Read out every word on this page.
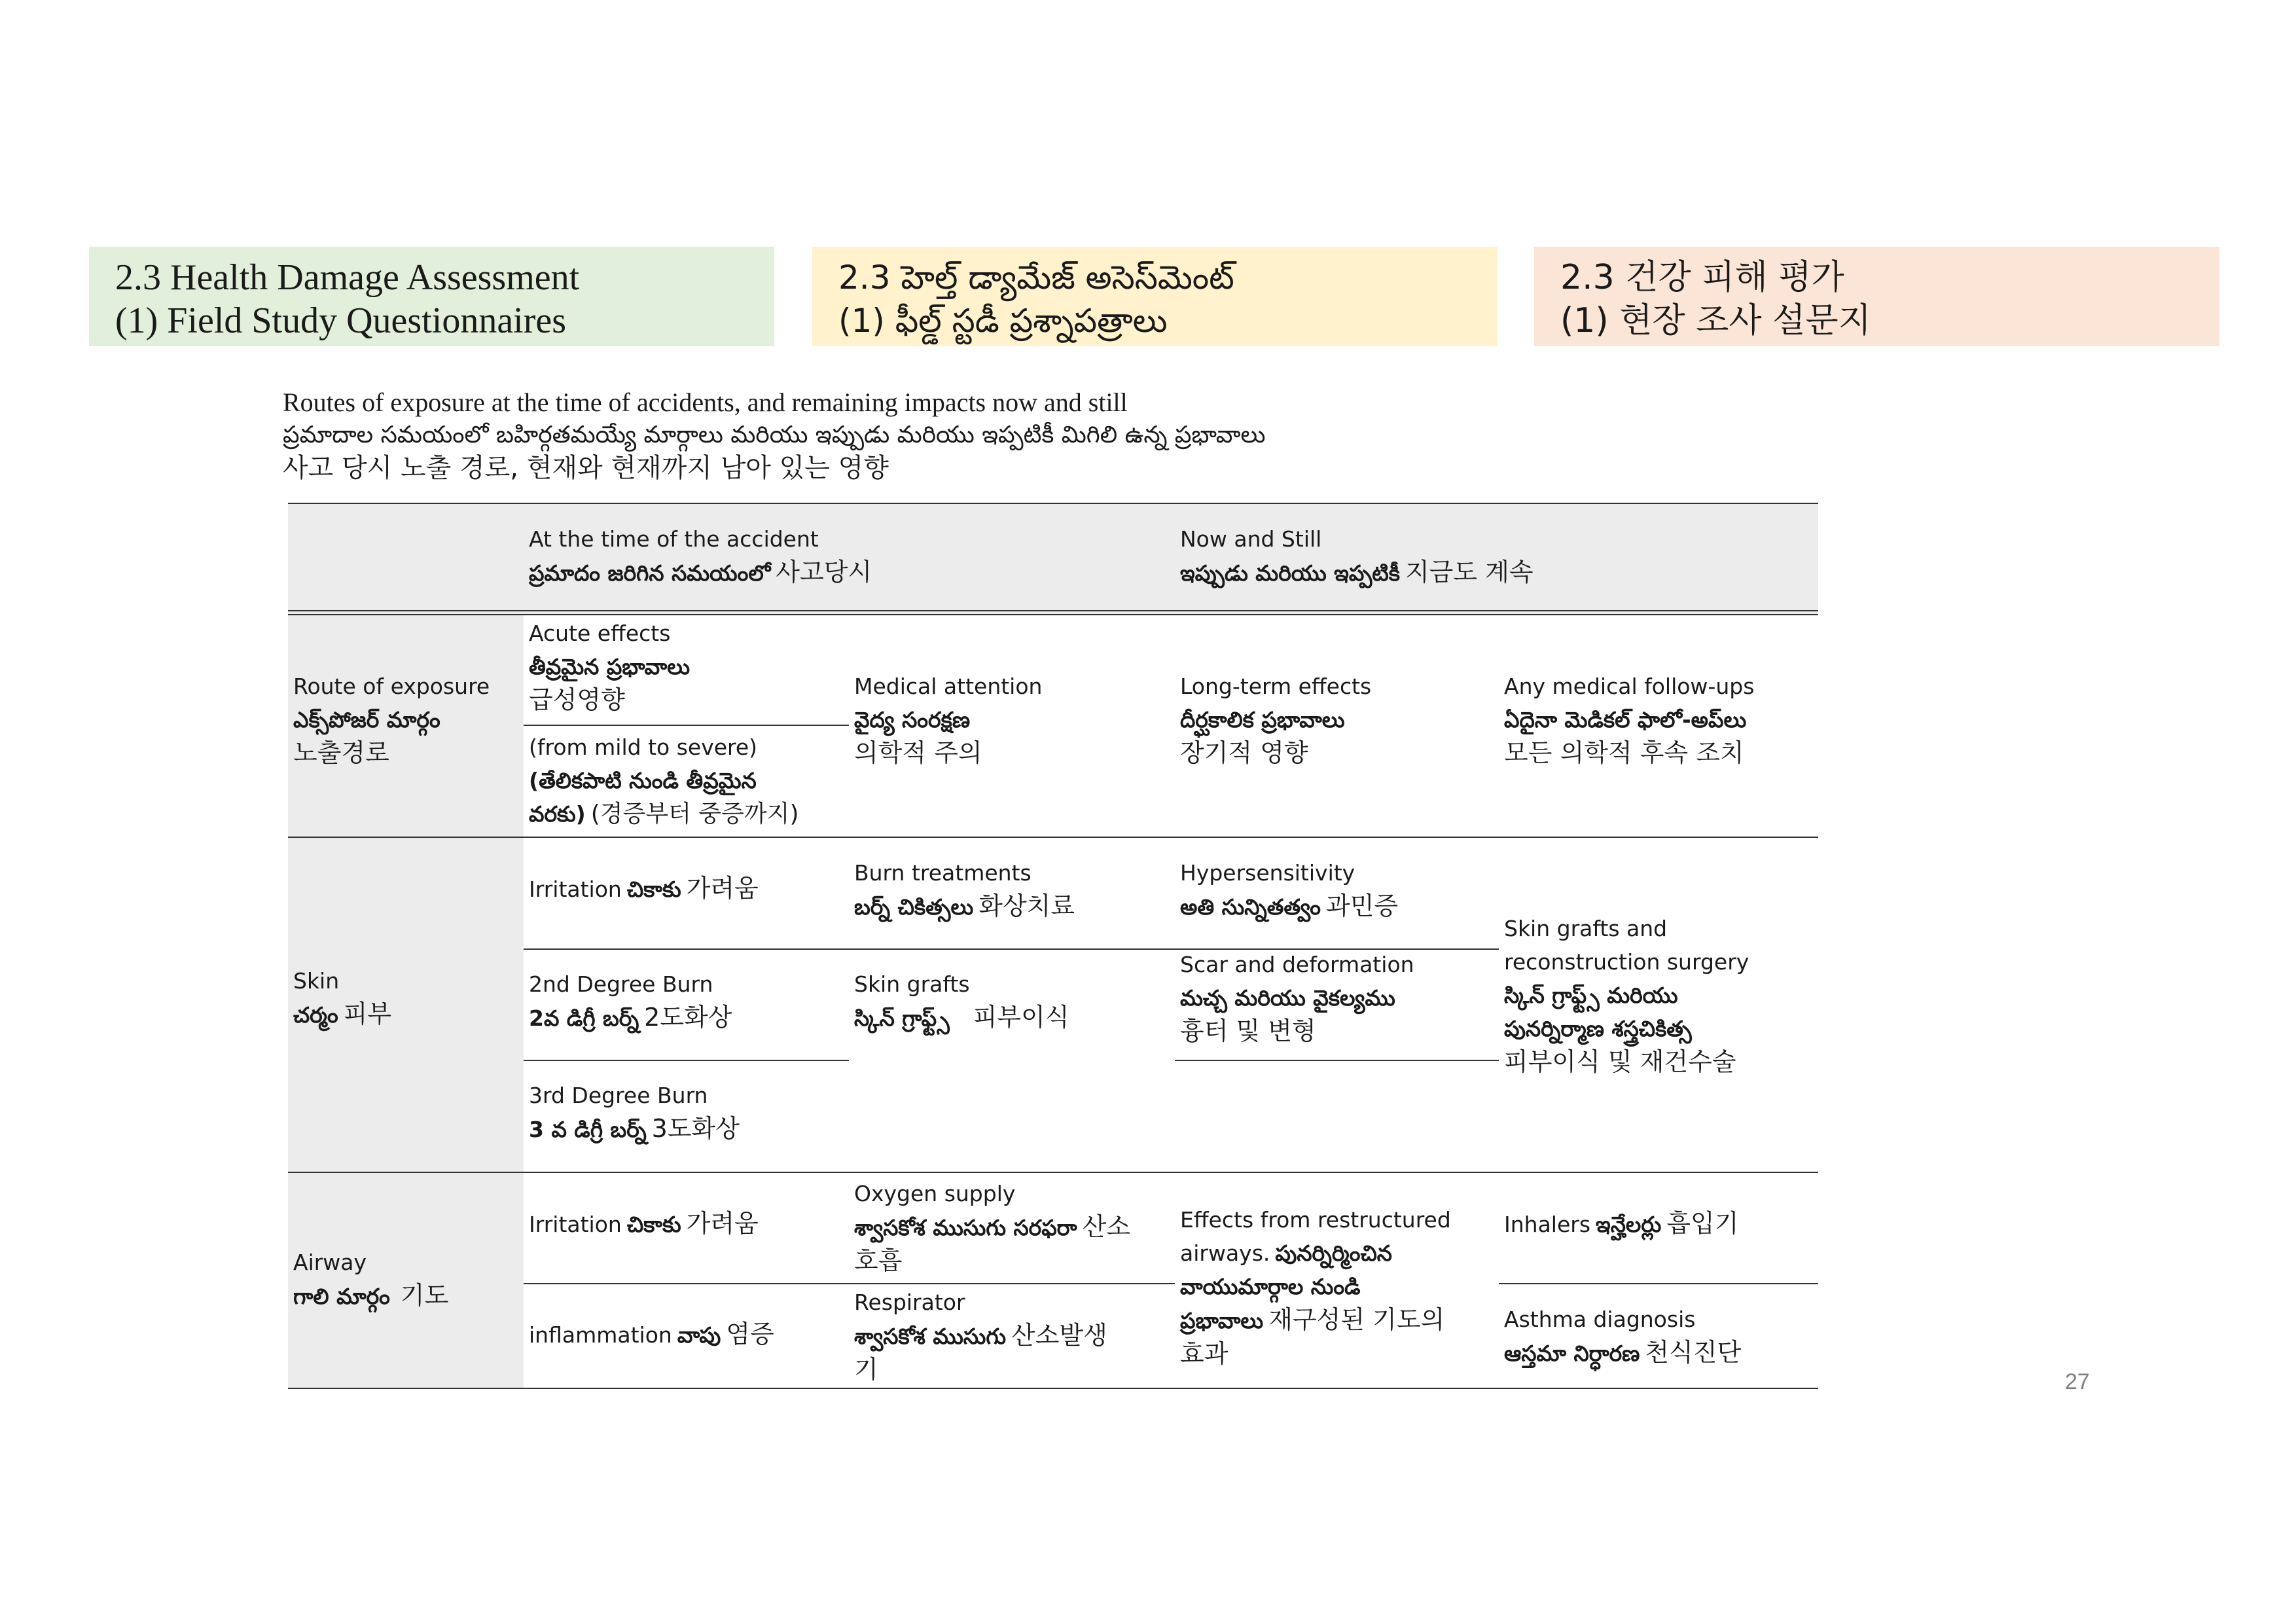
2.3 Health Damage Assessment
(1) Field Study Questionnaires
2.3 హెల్త్ డ్యామేజ్ అసెస్‌మెంట్
(1) ఫీల్డ్ స్టడీ ప్రశ్నాపత్రాలు
2.3 건강 피해 평가
(1) 현장 조사 설문지
Routes of exposure at the time of accidents, and remaining impacts now and still
ప్రమాదాల సమయంలో బహిర్గతమయ్యే మార్గాలు మరియు ఇప్పుడు మరియు ఇప్పటికీ మిగిలి ఉన్న ప్రభావాలు
사고 당시 노출 경로, 현재와 현재까지 남아 있는 영향
At the time of the accident
ప్రమాదం జరిగిన సమయంలో 사고당시
Now and Still
ఇప్పుడు మరియు ఇప్పటికీ 지금도 계속
Route of exposure
ఎక్స్‌పోజర్ మార్గం
노출경로
Acute effects
తీవ్రమైన ప్రభావాలు
급성영향
(from mild to severe)
(తేలికపాటి నుండి తీవ్రమైన
వరకు) (경증부터 중증까지)
Medical attention
వైద్య సంరక్షణ
의학적 주의
Long-term effects
దీర్ఘకాలిక ప్రభావాలు
장기적 영향
Any medical follow-ups
ఏదైనా మెడికల్ ఫాలో-అప్‌లు
모든 의학적 후속 조치
Skin
చర్మం 피부
Irritation చికాకు 가려움
Burn treatments
బర్న్ చికిత్సలు 화상치료
Hypersensitivity
అతి సున్నితత్వం 과민증
2nd Degree Burn
2వ డిగ్రీ బర్న్ 2도화상
Skin grafts
స్కిన్ గ్రాఫ్ట్స్ 피부이식
Scar and deformation
మచ్చ మరియు వైకల్యము
흉터 및 변형
3rd Degree Burn
3 వ డిగ్రీ బర్న్ 3도화상
Skin grafts and
reconstruction surgery
స్కిన్ గ్రాఫ్ట్స్ మరియు
పునర్నిర్మాణ శస్త్రచికిత్స
피부이식 및 재건수술
Airway
గాలి మార్గం 기도
Irritation చికాకు 가려움
Oxygen supply
శ్వాసకోశ ముసుగు సరఫరా 산소
호흡
Effects from restructured
airways. పునర్నిర్మించిన
వాయుమార్గాల నుండి
ప్రభావాలు 재구성된 기도의
효과
Inhalers ఇన్హేలర్లు 흡입기
inflammation వాపు 염증
Respirator
శ్వాసకోశ ముసుగు 산소발생
기
Asthma diagnosis
ఆస్తమా నిర్ధారణ 천식진단
27
